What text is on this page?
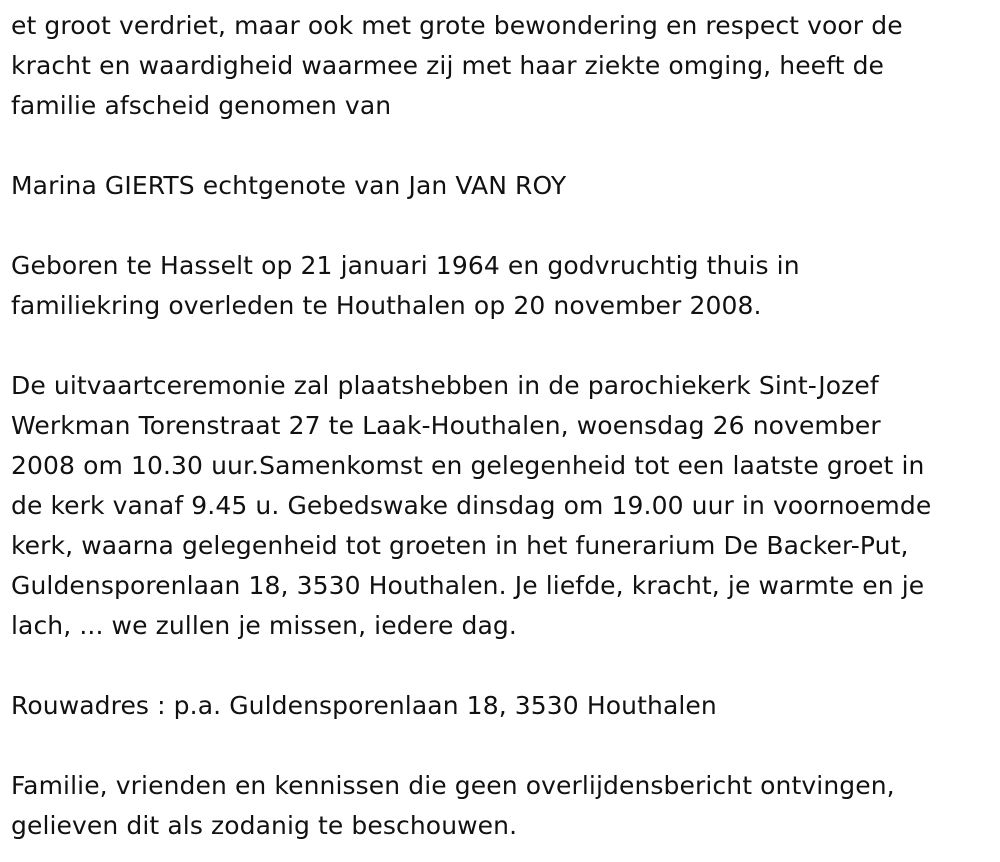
et groot verdriet, maar ook met grote bewondering en respect voor de
kracht en waardigheid waarmee zij met haar ziekte omging, heeft de
familie afscheid genomen van

Marina GIERTS echtgenote van Jan VAN ROY

Geboren te Hasselt op 21 januari 1964 en godvruchtig thuis in
familiekring overleden te Houthalen op 20 november 2008.

De uitvaartceremonie zal plaatshebben in de parochiekerk Sint-Jozef
Werkman Torenstraat 27 te Laak-Houthalen, woensdag 26 november
2008 om 10.30 uur.Samenkomst en gelegenheid tot een laatste groet in
de kerk vanaf 9.45 u. Gebedswake dinsdag om 19.00 uur in voornoemde
kerk, waarna gelegenheid tot groeten in het funerarium De Backer-Put,
Guldensporenlaan 18, 3530 Houthalen. Je liefde, kracht, je warmte en je
lach, ... we zullen je missen, iedere dag.

Rouwadres : p.a. Guldensporenlaan 18, 3530 Houthalen

Familie, vrienden en kennissen die geen overlijdensbericht ontvingen,
gelieven dit als zodanig te beschouwen.
